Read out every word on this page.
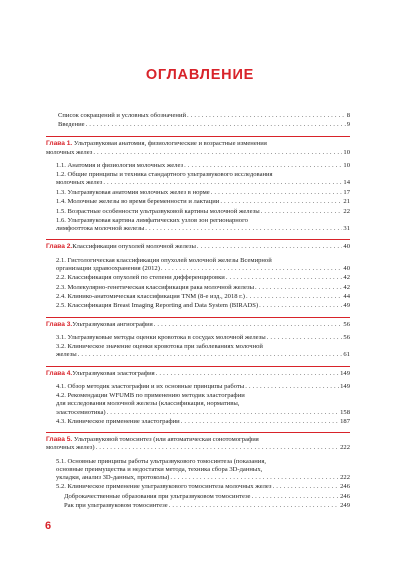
ОГЛАВЛЕНИЕ
Список сокращений и условных обозначений . . .	8
Введение . . .	9
Глава 1. Ультразвуковая анатомия, физиологические и возрастные изменения
молочных желез . . .	10
1.1. Анатомия и физиология молочных желез . . .	10
1.2. Общие принципы и техника стандартного ультразвукового исследования
молочных желез . . .	14
1.3. Ультразвуковая анатомия молочных желез в норме . . .	17
1.4. Молочные железы во время беременности и лактации . . .	21
1.5. Возрастные особенности ультразвуковой картины молочной железы . . .	22
1.6. Ультразвуковая картина лимфатических узлов зон регионарного
лимфооттока молочной железы . . .	31
Глава 2. Классификации опухолей молочной железы . . .	40
2.1. Гистологическая классификация опухолей молочной железы Всемирной
организации здравоохранения (2012) . . .	40
2.2. Классификация опухолей по степени дифференцировки . . .	42
2.3. Молекулярно-генетическая классификация рака молочной железы . . .	42
2.4. Клинико-анатомическая классификация TNM (8-е изд., 2018 г.) . . .	44
2.5. Классификация Breast Imaging Reporting and Data System (BIRADS) . . .	49
Глава 3. Ультразвуковая ангиография . . .	56
3.1. Ультразвуковые методы оценки кровотока в сосудах молочной железы . . .	56
3.2. Клиническое значение оценки кровотока при заболеваниях молочной
железы . . .	61
Глава 4. Ультразвуковая эластография . . .	149
4.1. Обзор методик эластографии и их основные принципы работы . . .	149
4.2. Рекомендации WFUMB по применению методик эластографии
для исследования молочной железы (классификация, нормативы,
эластосемиотика) . . .	158
4.3. Клиническое применение эластографии . . .	187
Глава 5. Ультразвуковой томосинтез (или автоматическая сонотомография
молочных желез) . . .	222
5.1. Основные принципы работы ультразвукового томосинтеза (показания,
основные преимущества и недостатки метода, техника сбора 3D-данных,
укладки, анализ 3D-данных, протоколы) . . .	222
5.2. Клиническое применение ультразвукового томосинтеза молочных желез . . .	246
Доброкачественные образования при ультразвуковом томосинтезе . . .	246
Рак при ультразвуковом томосинтезе . . .	249
6
